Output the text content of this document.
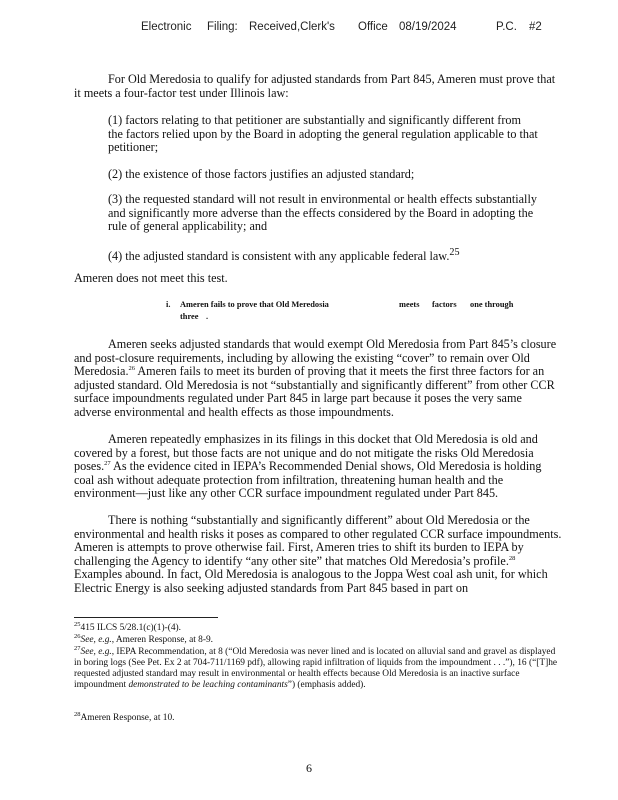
Electronic Filing: Received,Clerk's Office 08/19/2024	P.C. #2

For Old Meredosia to qualify for adjusted standards from Part 845, Ameren must prove that it meets a four-factor test under Illinois law:

(1) factors relating to that petitioner are substantially and significantly different from the factors relied upon by the Board in adopting the general regulation applicable to that petitioner;
(2) the existence of those factors justifies an adjusted standard;
(3) the requested standard will not result in environmental or health effects substantially and significantly more adverse than the effects considered by the Board in adopting the rule of general applicability; and
(4) the adjusted standard is consistent with any applicable federal law.$^{25}$

Ameren does not meet this test.

i. Ameren fails to prove that Old Meredosia	meets factors one through
three .

Ameren seeks adjusted standards that would exempt Old Meredosia from Part 845’s closure and post-closure requirements, including by allowing the existing “cover” to remain over Old Meredosia.$^{26}$ Ameren fails to meet its burden of proving that it meets the first three factors for an adjusted standard. Old Meredosia is not “substantially and significantly different” from other CCR surface impoundments regulated under Part 845 in large part because it poses the very same adverse environmental and health effects as those impoundments.

Ameren repeatedly emphasizes in its filings in this docket that Old Meredosia is old and covered by a forest, but those facts are not unique and do not mitigate the risks Old Meredosia poses.$^{27}$ As the evidence cited in IEPA’s Recommended Denial shows, Old Meredosia is holding coal ash without adequate protection from infiltration, threatening human health and the environment—just like any other CCR surface impoundment regulated under Part 845.

There is nothing “substantially and significantly different” about Old Meredosia or the environmental and health risks it poses as compared to other regulated CCR surface impoundments. Ameren is attempts to prove otherwise fail. First, Ameren tries to shift its burden to IEPA by challenging the Agency to identify “any other site” that matches Old Meredosia’s profile.$^{28}$ Examples abound. In fact, Old Meredosia is analogous to the Joppa West coal ash unit, for which Electric Energy is also seeking adjusted standards from Part 845 based in part on

$^{25}$415 ILCS 5/28.1(c)(1)-(4).
$^{26}$See, e.g., Ameren Response, at 8-9.
$^{27}$See, e.g., IEPA Recommendation, at 8 (“Old Meredosia was never lined and is located on alluvial sand and gravel as displayed in boring logs (See Pet. Ex 2 at 704-711/1169 pdf), allowing rapid infiltration of liquids from the impoundment . . .”), 16 (“[T]he requested adjusted standard may result in environmental or health effects because Old Meredosia is an inactive surface impoundment demonstrated to be leaching contaminants”) (emphasis added).
$^{28}$Ameren Response, at 10.
6
